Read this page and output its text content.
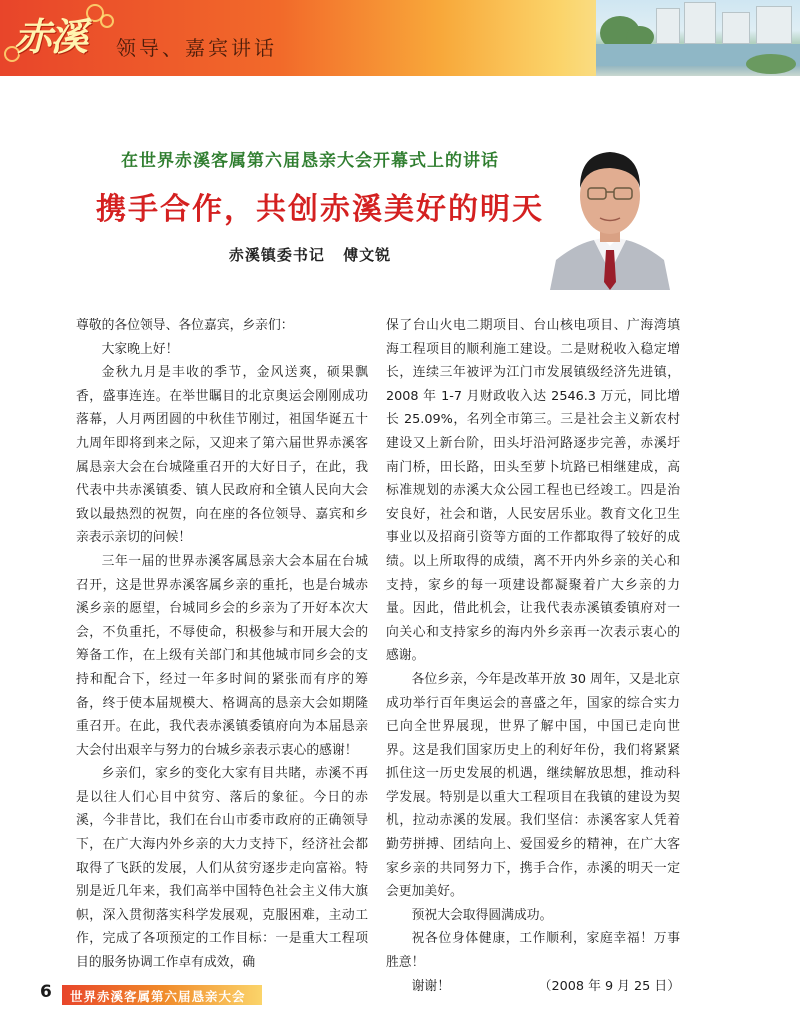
赤溪 领导、嘉宾讲话
在世界赤溪客属第六届恳亲大会开幕式上的讲话
携手合作，共创赤溪美好的明天
赤溪镇委书记 傅文锐

尊敬的各位领导、各位嘉宾，乡亲们：

大家晚上好！

金秋九月是丰收的季节，金风送爽，硕果飘香，盛事连连。在举世瞩目的北京奥运会刚刚成功落幕，人月两团圆的中秋佳节刚过，祖国华诞五十九周年即将到来之际，又迎来了第六届世界赤溪客属恳亲大会在台城隆重召开的大好日子，在此，我代表中共赤溪镇委、镇人民政府和全镇人民向大会致以最热烈的祝贺，向在座的各位领导、嘉宾和乡亲表示亲切的问候！

三年一届的世界赤溪客属恳亲大会本届在台城召开，这是世界赤溪客属乡亲的重托，也是台城赤溪乡亲的愿望，台城同乡会的乡亲为了开好本次大会，不负重托，不辱使命，积极参与和开展大会的筹备工作，在上级有关部门和其他城市同乡会的支持和配合下，经过一年多时间的紧张而有序的筹备，终于使本届规模大、格调高的恳亲大会如期隆重召开。在此，我代表赤溪镇委镇府向为本届恳亲大会付出艰辛与努力的台城乡亲表示衷心的感谢！

乡亲们，家乡的变化大家有目共睹，赤溪不再是以往人们心目中贫穷、落后的象征。今日的赤溪，今非昔比，我们在台山市委市政府的正确领导下，在广大海内外乡亲的大力支持下，经济社会都取得了飞跃的发展，人们从贫穷逐步走向富裕。特别是近几年来，我们高举中国特色社会主义伟大旗帜，深入贯彻落实科学发展观，克服困难，主动工作，完成了各项预定的工作目标：一是重大工程项目的服务协调工作卓有成效，确

保了台山火电二期项目、台山核电项目、广海湾填海工程项目的顺利施工建设。二是财税收入稳定增长，连续三年被评为江门市发展镇级经济先进镇，2008 年 1-7 月财政收入达 2546.3 万元，同比增长 25.09%，名列全市第三。三是社会主义新农村建设又上新台阶，田头圩沿河路逐步完善，赤溪圩南门桥，田长路，田头至萝卜坑路已相继建成，高标准规划的赤溪大众公园工程也已经竣工。四是治安良好，社会和谐，人民安居乐业。教育文化卫生事业以及招商引资等方面的工作都取得了较好的成绩。以上所取得的成绩，离不开内外乡亲的关心和支持，家乡的每一项建设都凝聚着广大乡亲的力量。因此，借此机会，让我代表赤溪镇委镇府对一向关心和支持家乡的海内外乡亲再一次表示衷心的感谢。

各位乡亲，今年是改革开放 30 周年，又是北京成功举行百年奥运会的喜盛之年，国家的综合实力已向全世界展现，世界了解中国，中国已走向世界。这是我们国家历史上的利好年份，我们将紧紧抓住这一历史发展的机遇，继续解放思想，推动科学发展。特别是以重大工程项目在我镇的建设为契机，拉动赤溪的发展。我们坚信：赤溪客家人凭着勤劳拼搏、团结向上、爱国爱乡的精神，在广大客家乡亲的共同努力下，携手合作，赤溪的明天一定会更加美好。

预祝大会取得圆满成功。

祝各位身体健康，工作顺利，家庭幸福！万事胜意！

谢谢！	（2008 年 9 月 25 日）

6 世界赤溪客属第六届恳亲大会
